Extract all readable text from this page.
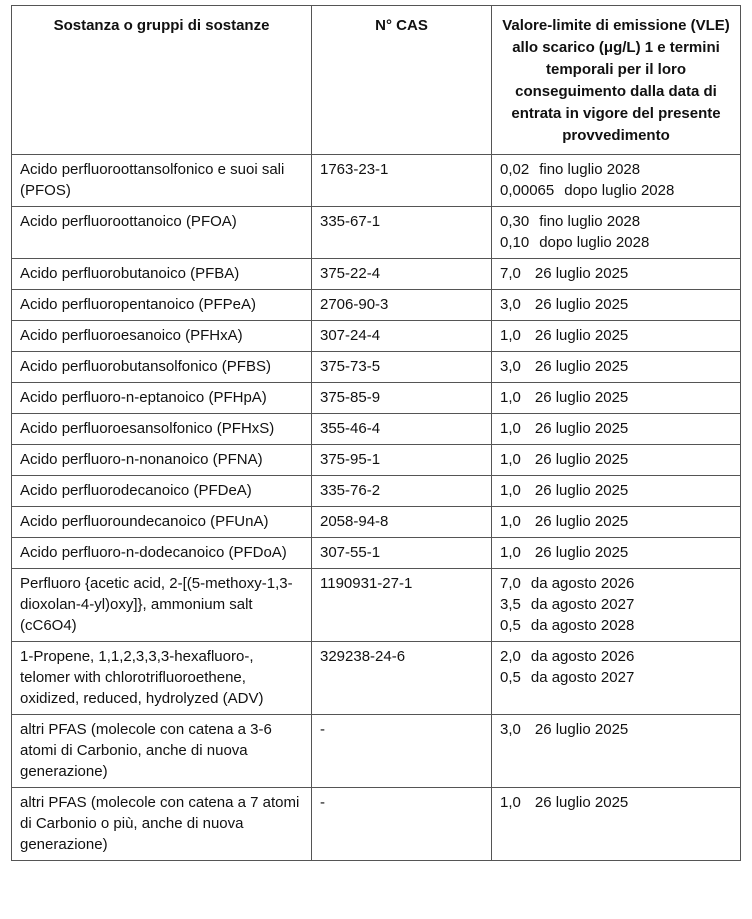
Sostanza o gruppi di sostanze	N° CAS	Valore-limite di emissione (VLE) allo scarico (μg/L) 1 e termini temporali per il loro conseguimento dalla data di entrata in vigore del presente provvedimento
Acido perfluoroottansolfonico e suoi sali (PFOS)	1763-23-1	0,02 fino luglio 2028
0,00065 dopo luglio 2028

Acido perfluoroottanoico (PFOA)	335-67-1	0,30 fino luglio 2028
0,10 dopo luglio 2028

Acido perfluorobutanoico (PFBA)	375-22-4	7,0 26 luglio 2025

Acido perfluoropentanoico (PFPeA)	2706-90-3	3,0 26 luglio 2025

Acido perfluoroesanoico (PFHxA)	307-24-4	1,0 26 luglio 2025

Acido perfluorobutansolfonico (PFBS)	375-73-5	3,0 26 luglio 2025

Acido perfluoro-n-eptanoico (PFHpA)	375-85-9	1,0 26 luglio 2025

Acido perfluoroesansolfonico (PFHxS)	355-46-4	1,0 26 luglio 2025

Acido perfluoro-n-nonanoico (PFNA)	375-95-1	1,0 26 luglio 2025

Acido perfluorodecanoico (PFDeA)	335-76-2	1,0 26 luglio 2025

Acido perfluoroundecanoico (PFUnA)	2058-94-8	1,0 26 luglio 2025

Acido perfluoro-n-dodecanoico (PFDoA)	307-55-1	1,0 26 luglio 2025

Perfluoro {acetic acid, 2-[(5-methoxy-1,3-dioxolan-4-yl)oxy]}, ammonium salt (cC6O4)	1190931-27-1	7,0 da agosto 2026
3,5 da agosto 2027
0,5 da agosto 2028

1-Propene, 1,1,2,3,3,3-hexafluoro-, telomer with chlorotrifluoroethene, oxidized, reduced, hydrolyzed (ADV)	329238-24-6	2,0 da agosto 2026
0,5 da agosto 2027

altri PFAS (molecole con catena a 3-6 atomi di Carbonio, anche di nuova generazione)	-	3,0 26 luglio 2025

altri PFAS (molecole con catena a 7 atomi di Carbonio o più, anche di nuova generazione)	-	1,0 26 luglio 2025
